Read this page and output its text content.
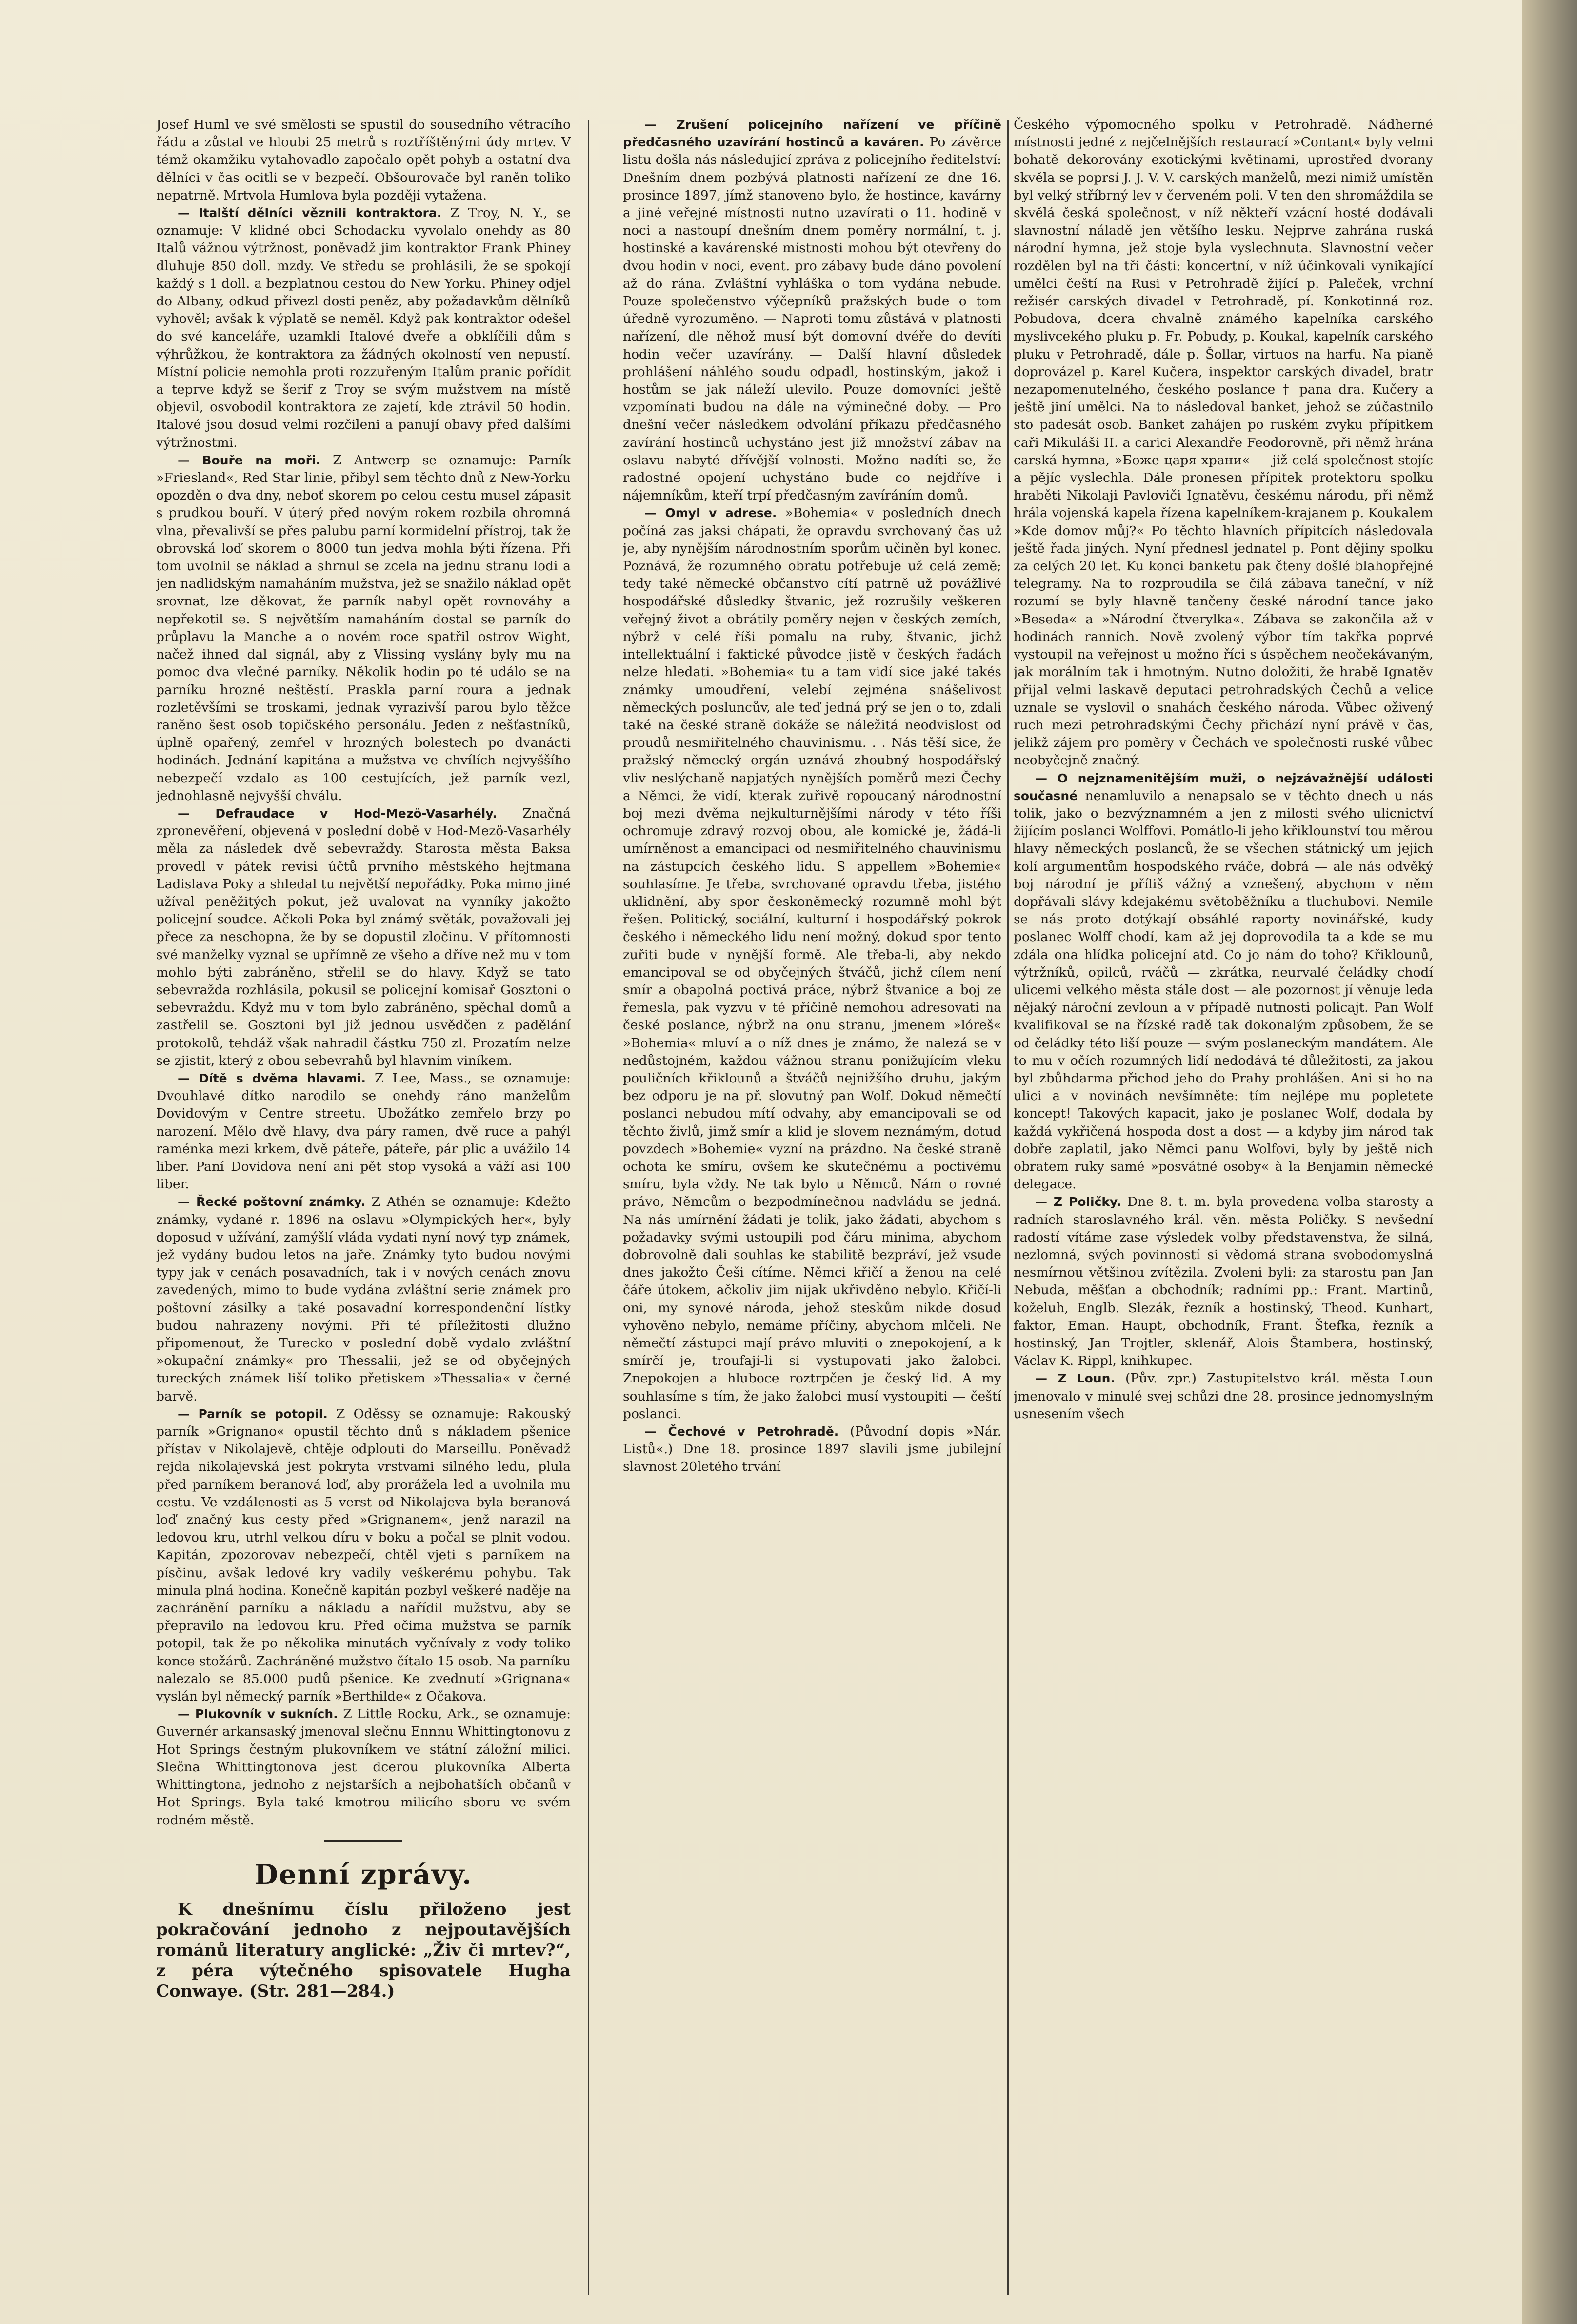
Josef Huml ve své smělosti se spustil do sousedního větracího řádu a zůstal ve hloubi 25 metrů s roztříštěnými údy mrtev. V témž okamžiku vytahovadlo započalo opět pohyb a ostatní dva dělníci v čas ocitli se v bezpečí. Obšourovače byl raněn toliko nepatrně. Mrtvola Humlova byla později vytažena.

— Italští dělníci věznili kontraktora. Z Troy, N. Y., se oznamuje: V klidné obci Schodacku vyvolalo onehdy as 80 Italů vážnou výtržnost, poněvadž jim kontraktor Frank Phiney dluhuje 850 doll. mzdy. Ve středu se prohlásili, že se spokojí každý s 1 doll. a bezplatnou cestou do New Yorku. Phiney odjel do Albany, odkud přivezl dosti peněz, aby požadavkům dělníků vyhověl; avšak k výplatě se neměl. Když pak kontraktor odešel do své kanceláře, uzamkli Italové dveře a obklíčili dům s výhrůžkou, že kontraktora za žádných okolností ven nepustí. Místní policie nemohla proti rozzuřeným Italům pranic pořídit a teprve když se šerif z Troy se svým mužstvem na místě objevil, osvobodil kontraktora ze zajetí, kde ztrávil 50 hodin. Italové jsou dosud velmi rozčileni a panují obavy před dalšími výtržnostmi.

— Bouře na moři. Z Antwerp se oznamuje: Parník »Friesland«, Red Star linie, přibyl sem těchto dnů z New-Yorku opozděn o dva dny, neboť skorem po celou cestu musel zápasit s prudkou bouří. V úterý před novým rokem rozbila ohromná vlna, převalivší se přes palubu parní kormidelní přístroj, tak že obrovská loď skorem o 8000 tun jedva mohla býti řízena. Při tom uvolnil se náklad a shrnul se zcela na jednu stranu lodi a jen nadlidským namaháním mužstva, jež se snažilo náklad opět srovnat, lze děkovat, že parník nabyl opět rovnováhy a nepřekotil se. S největším namaháním dostal se parník do průplavu la Manche a o novém roce spatřil ostrov Wight, načež ihned dal signál, aby z Vlissing vyslány byly mu na pomoc dva vlečné parníky. Několik hodin po té událo se na parníku hrozné neštěstí. Praskla parní roura a jednak rozletěvšími se troskami, jednak vyrazivší parou bylo těžce raněno šest osob topičského personálu. Jeden z nešťastníků, úplně opařený, zemřel v hrozných bolestech po dvanácti hodinách. Jednání kapitána a mužstva ve chvílích nejvyššího nebezpečí vzdalo as 100 cestujících, jež parník vezl, jednohlasně nejvyšší chválu.

— Defraudace v Hod-Mezö-Vasarhély. Značná zpronevěření, objevená v poslední době v Hod-Mezö-Vasarhély měla za následek dvě sebevraždy. Starosta města Baksa provedl v pátek revisi účtů prvního městského hejtmana Ladislava Poky a shledal tu největší nepořádky. Poka mimo jiné užíval peněžitých pokut, jež uvalovat na vynníky jakožto policejní soudce. Ačkoli Poka byl známý světák, považovali jej přece za neschopna, že by se dopustil zločinu. V přítomnosti své manželky vyznal se upřímně ze všeho a dříve než mu v tom mohlo býti zabráněno, střelil se do hlavy. Když se tato sebevražda rozhlásila, pokusil se policejní komisař Gosztoni o sebevraždu. Když mu v tom bylo zabráněno, spěchal domů a zastřelil se. Gosztoni byl již jednou usvědčen z padělání protokolů, tehdáž však nahradil částku 750 zl. Prozatím nelze se zjistit, který z obou sebevrahů byl hlavním viníkem.

— Dítě s dvěma hlavami. Z Lee, Mass., se oznamuje: Dvouhlavé dítko narodilo se onehdy ráno manželům Dovidovým v Centre streetu. Ubožátko zemřelo brzy po narození. Mělo dvě hlavy, dva páry ramen, dvě ruce a pahýl raménka mezi krkem, dvě páteře, páteře, pár plic a uvážilo 14 liber. Paní Dovidova není ani pět stop vysoká a váží asi 100 liber.

— Řecké poštovní známky. Z Athén se oznamuje: Kdežto známky, vydané r. 1896 na oslavu »Olympických her«, byly doposud v užívání, zamýšlí vláda vydati nyní nový typ známek, jež vydány budou letos na jaře. Známky tyto budou novými typy jak v cenách posavadních, tak i v nových cenách znovu zavedených, mimo to bude vydána zvláštní serie známek pro poštovní zásilky a také posavadní korrespondenční lístky budou nahrazeny novými. Při té příležitosti dlužno připomenout, že Turecko v poslední době vydalo zvláštní »okupační známky« pro Thessalii, jež se od obyčejných tureckých známek liší toliko přetiskem »Thessalia« v černé barvě.

— Parník se potopil. Z Oděssy se oznamuje: Rakouský parník »Grignano« opustil těchto dnů s nákladem pšenice přístav v Nikolajevě, chtěje odplouti do Marseillu. Poněvadž rejda nikolajevská jest pokryta vrstvami silného ledu, plula před parníkem beranová loď, aby prorážela led a uvolnila mu cestu. Ve vzdálenosti as 5 verst od Nikolajeva byla beranová loď značný kus cesty před »Grignanem«, jenž narazil na ledovou kru, utrhl velkou díru v boku a počal se plnit vodou. Kapitán, zpozorovav nebezpečí, chtěl vjeti s parníkem na písčinu, avšak ledové kry vadily veškerému pohybu. Tak minula plná hodina. Konečně kapitán pozbyl veškeré naděje na zachránění parníku a nákladu a nařídil mužstvu, aby se přepravilo na ledovou kru. Před očima mužstva se parník potopil, tak že po několika minutách vyčnívaly z vody toliko konce stožárů. Zachráněné mužstvo čítalo 15 osob. Na parníku nalezalo se 85.000 pudů pšenice. Ke zvednutí »Grignana« vyslán byl německý parník »Berthilde« z Očakova.

— Plukovník v sukních. Z Little Rocku, Ark., se oznamuje: Guvernér arkansaský jmenoval slečnu Ennnu Whittingtonovu z Hot Springs čestným plukovníkem ve státní záložní milici. Slečna Whittingtonova jest dcerou plukovníka Alberta Whittingtona, jednoho z nejstarších a nejbohatších občanů v Hot Springs. Byla také kmotrou milicího sboru ve svém rodném městě.

Denní zprávy.

K dnešnímu číslu přiloženo jest pokračování jednoho z nejpoutavějších románů literatury anglické: „Živ či mrtev?“, z péra výtečného spisovatele Hugha Conwaye. (Str. 281—284.)

— Zrušení policejního nařízení ve příčině předčasného uzavírání hostinců a kaváren. Po závěrce listu došla nás následující zpráva z policejního ředitelství: Dnešním dnem pozbývá platnosti nařízení ze dne 16. prosince 1897, jímž stanoveno bylo, že hostince, kavárny a jiné veřejné místnosti nutno uzavírati o 11. hodině v noci a nastoupí dnešním dnem poměry normální, t. j. hostinské a kavárenské místnosti mohou být otevřeny do dvou hodin v noci, event. pro zábavy bude dáno povolení až do rána. Zvláštní vyhláška o tom vydána nebude. Pouze společenstvo výčepníků pražských bude o tom úředně vyrozuměno. — Naproti tomu zůstává v platnosti nařízení, dle něhož musí být domovní dvéře do devíti hodin večer uzavírány. — Další hlavní důsledek prohlášení náhlého soudu odpadl, hostinským, jakož i hostům se jak náleží ulevilo. Pouze domovníci ještě vzpomínati budou na dále na výminečné doby. — Pro dnešní večer následkem odvolání příkazu předčasného zavírání hostinců uchystáno jest již množství zábav na oslavu nabyté dřívější volnosti. Možno nadíti se, že radostné opojení uchystáno bude co nejdříve i nájemníkům, kteří trpí předčasným zavíráním domů.

— Omyl v adrese. »Bohemia« v posledních dnech počíná zas jaksi chápati, že opravdu svrchovaný čas už je, aby nynějším národnostním sporům učiněn byl konec. Poznává, že rozumného obratu potřebuje už celá země; tedy také německé občanstvo cítí patrně už povážlivé hospodářské důsledky štvanic, jež rozrušily veškeren veřejný život a obrátily poměry nejen v českých zemích, nýbrž v celé říši pomalu na ruby, štvanic, jichž intellektuální i faktické původce jistě v českých řadách nelze hledati. »Bohemia« tu a tam vidí sice jaké takés známky umoudření, velebí zejména snášelivost německých posluncův, ale teď jedná prý se jen o to, zdali také na české straně dokáže se náležitá neodvislost od proudů nesmiřitelného chauvinismu. . . Nás těší sice, že pražský německý orgán uznává zhoubný hospodářský vliv neslýchaně napjatých nynějších poměrů mezi Čechy a Němci, že vidí, kterak zuřivě ropoucaný národnostní boj mezi dvěma nejkulturnějšími národy v této říši ochromuje zdravý rozvoj obou, ale komické je, žádá-li umírněnost a emancipaci od nesmiřitelného chauvinismu na zástupcích českého lidu. S appellem »Bohemie« souhlasíme. Je třeba, svrchované opravdu třeba, jistého uklidnění, aby spor českoněmecký rozumně mohl být řešen. Politický, sociální, kulturní i hospodářský pokrok českého i německého lidu není možný, dokud spor tento zuřiti bude v nynější formě. Ale třeba-li, aby nekdo emancipoval se od obyčejných štváčů, jichž cílem není smír a obapolná poctivá práce, nýbrž štvanice a boj ze řemesla, pak vyzvu v té příčině nemohou adresovati na české poslance, nýbrž na onu stranu, jmenem »lóreš« »Bohemia« mluví a o níž dnes je známo, že nalezá se v nedůstojném, každou vážnou stranu ponižujícím vleku pouličních křiklounů a štváčů nejnižšího druhu, jakým bez odporu je na př. slovutný pan Wolf. Dokud němečtí poslanci nebudou mítí odvahy, aby emancipovali se od těchto živlů, jimž smír a klid je slovem neznámým, dotud povzdech »Bohemie« vyzní na prázdno. Na české straně ochota ke smíru, ovšem ke skutečnému a poctivému smíru, byla vždy. Ne tak bylo u Němců. Nám o rovné právo, Němcům o bezpodmínečnou nadvládu se jedná. Na nás umírnění žádati je tolik, jako žádati, abychom s požadavky svými ustoupili pod čáru minima, abychom dobrovolně dali souhlas ke stabilitě bezpráví, jež vsude dnes jakožto Češi cítíme. Němci křičí a ženou na celé čáře útokem, ačkoliv jim nijak ukřivděno nebylo. Křičí-li oni, my synové národa, jehož steskům nikde dosud vyhověno nebylo, nemáme příčiny, abychom mlčeli. Ne němečtí zástupci mají právo mluviti o znepokojení, a k smírčí je, troufají-li si vystupovati jako žalobci. Znepokojen a hluboce roztrpčen je český lid. A my souhlasíme s tím, že jako žalobci musí vystoupiti — čeští poslanci.

— Čechové v Petrohradě. (Původní dopis »Nár. Listů«.) Dne 18. prosince 1897 slavili jsme jubilejní slavnost 20letého trvání

Českého výpomocného spolku v Petrohradě. Nádherné místnosti jedné z nejčelnějších restaurací »Contant« byly velmi bohatě dekorovány exotickými květinami, uprostřed dvorany skvěla se poprsí J. J. V. V. carských manželů, mezi nimiž umístěn byl velký stříbrný lev v červeném poli. V ten den shromáždila se skvělá česká společnost, v níž někteří vzácní hosté dodávali slavnostní náladě jen většího lesku. Nejprve zahrána ruská národní hymna, jež stoje byla vyslechnuta. Slavnostní večer rozdělen byl na tři části: koncertní, v níž účinkovali vynikající umělci čeští na Rusi v Petrohradě žijící p. Paleček, vrchní režisér carských divadel v Petrohradě, pí. Konkotinná roz. Pobudova, dcera chvalně známého kapelníka carského myslivcekého pluku p. Fr. Pobudy, p. Koukal, kapelník carského pluku v Petrohradě, dále p. Šollar, virtuos na harfu. Na pianě doprovázel p. Karel Kučera, inspektor carských divadel, bratr nezapomenutelného, českého poslance † pana dra. Kučery a ještě jiní umělci. Na to následoval banket, jehož se zúčastnilo sto padesát osob. Banket zahájen po ruském zvyku přípitkem caři Mikuláši II. a carici Alexandře Feodorovně, při němž hrána carská hymna, »Боже царя храни« — již celá společnost stojíc a pějíc vyslechla. Dále pronesen přípitek protektoru spolku hraběti Nikolaji Pavloviči Ignatěvu, českému národu, při němž hrála vojenská kapela řízena kapelníkem-krajanem p. Koukalem »Kde domov můj?« Po těchto hlavních přípitcích následovala ještě řada jiných. Nyní přednesl jednatel p. Pont dějiny spolku za celých 20 let. Ku konci banketu pak čteny došlé blahopřejné telegramy. Na to rozproudila se čilá zábava taneční, v níž rozumí se byly hlavně tančeny české národní tance jako »Beseda« a »Národní čtverylka«. Zábava se zakončila až v hodinách ranních. Nově zvolený výbor tím takřka poprvé vystoupil na veřejnost u možno říci s úspěchem neočekávaným, jak morálním tak i hmotným. Nutno doložiti, že hrabě Ignatěv přijal velmi laskavě deputaci petrohradských Čechů a velice uznale se vyslovil o snahách českého národa. Vůbec oživený ruch mezi petrohradskými Čechy přichází nyní právě v čas, jelikž zájem pro poměry v Čechách ve společnosti ruské vůbec neobyčejně značný.

— O nejznamenitějším muži, o nejzávažnější události současné nenamluvilo a nenapsalo se v těchto dnech u nás tolik, jako o bezvýznamném a jen z milosti svého ulicnictví žijícím poslanci Wolffovi. Pomátlo-li jeho křiklounství tou měrou hlavy německých poslanců, že se všechen státnický um jejich kolí argumentům hospodského rváče, dobrá — ale nás odvěký boj národní je příliš vážný a vznešený, abychom v něm dopřávali slávy kdejakému světoběžníku a tluchubovi. Nemile se nás proto dotýkají obsáhlé raporty novinářské, kudy poslanec Wolff chodí, kam až jej doprovodila ta a kde se mu zdála ona hlídka policejní atd. Co jo nám do toho? Křiklounů, výtržníků, opilců, rváčů — zkrátka, neurvalé čeládky chodí ulicemi velkého města stále dost — ale pozornost jí věnuje leda nějaký nároční zevloun a v případě nutnosti policajt. Pan Wolf kvalifikoval se na řízské radě tak dokonalým způsobem, že se od čeládky této liší pouze — svým poslaneckým mandátem. Ale to mu v očích rozumných lidí nedodává té důležitosti, za jakou byl zbůhdarma přichod jeho do Prahy prohlášen. Ani si ho na ulici a v novinách nevšímněte: tím nejlépe mu popletete koncept! Takových kapacit, jako je poslanec Wolf, dodala by každá vykřičená hospoda dost a dost — a kdyby jim národ tak dobře zaplatil, jako Němci panu Wolfovi, byly by ještě nich obratem ruky samé »posvátné osoby« à la Benjamin německé delegace.

— Z Poličky. Dne 8. t. m. byla provedena volba starosty a radních staroslavného král. věn. města Poličky. S nevšední radostí vítáme zase výsledek volby představenstva, že silná, nezlomná, svých povinností si vědomá strana svobodomyslná nesmírnou většinou zvítězila. Zvoleni byli: za starostu pan Jan Nebuda, měšťan a obchodník; radními pp.: Frant. Martinů, koželuh, Englb. Slezák, řezník a hostinský, Theod. Kunhart, faktor, Eman. Haupt, obchodník, Frant. Štefka, řezník a hostinský, Jan Trojtler, sklenář, Alois Štambera, hostinský, Václav K. Rippl, knihkupec.

— Z Loun. (Pův. zpr.) Zastupitelstvo král. města Loun jmenovalo v minulé svej schůzi dne 28. prosince jednomyslným usnesením všech
